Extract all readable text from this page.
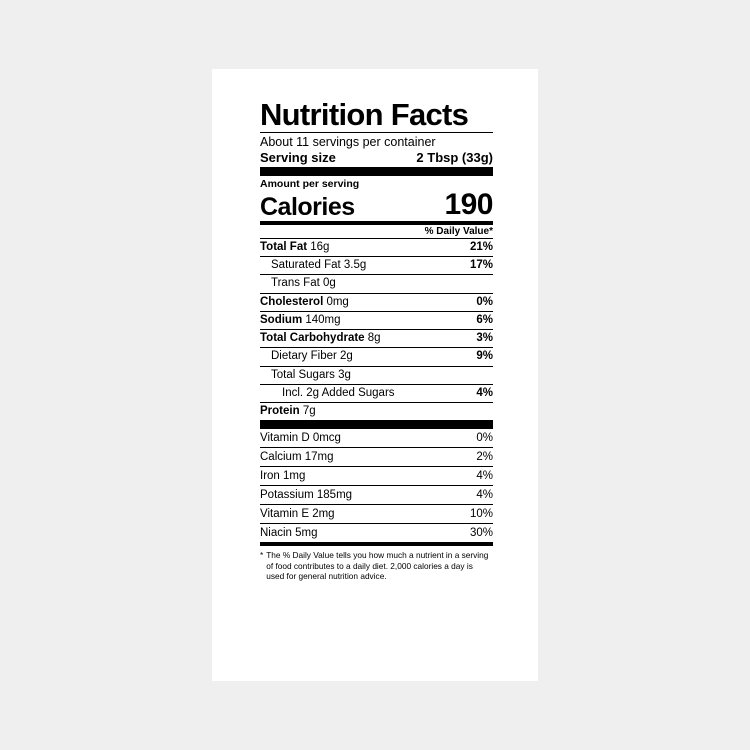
Nutrition Facts
About 11 servings per container
Serving size	2 Tbsp (33g)
Amount per serving
Calories	190
% Daily Value*
Total Fat 16g	21%
Saturated Fat 3.5g	17%
Trans Fat 0g
Cholesterol 0mg	0%
Sodium 140mg	6%
Total Carbohydrate 8g	3%
Dietary Fiber 2g	9%
Total Sugars 3g
Incl. 2g Added Sugars	4%
Protein 7g
Vitamin D 0mcg	0%
Calcium 17mg	2%
Iron 1mg	4%
Potassium 185mg	4%
Vitamin E 2mg	10%
Niacin 5mg	30%
* The % Daily Value tells you how much a nutrient in a serving of food contributes to a daily diet. 2,000 calories a day is used for general nutrition advice.
